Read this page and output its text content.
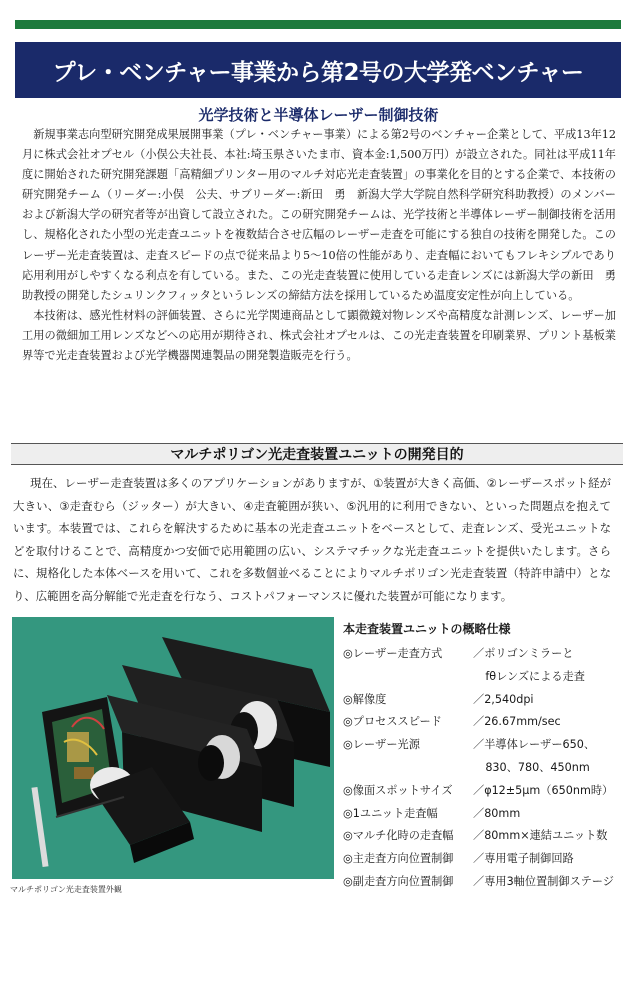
プレ・ベンチャー事業から第2号の大学発ベンチャー
光学技術と半導体レーザー制御技術

新規事業志向型研究開発成果展開事業（プレ・ベンチャー事業）による第2号のベンチャー企業として、平成13年12月に株式会社オプセル（小俣公夫社長、本社:埼玉県さいたま市、資本金:1,500万円）が設立された。同社は平成11年度に開始された研究開発課題「高精細プリンター用のマルチ対応光走査装置」の事業化を目的とする企業で、本技術の研究開発チーム（リーダー:小俣　公夫、サブリーダー:新田　勇　新潟大学大学院自然科学研究科助教授）のメンバーおよび新潟大学の研究者等が出資して設立された。この研究開発チームは、光学技術と半導体レーザー制御技術を活用し、規格化された小型の光走査ユニットを複数結合させ広幅のレーザー走査を可能にする独自の技術を開発した。このレーザー光走査装置は、走査スピードの点で従来品より5〜10倍の性能があり、走査幅においてもフレキシブルであり応用利用がしやすくなる利点を有している。また、この光走査装置に使用している走査レンズには新潟大学の新田　勇助教授の開発したシュリンクフィッタというレンズの締結方法を採用しているため温度安定性が向上している。

本技術は、感光性材料の評価装置、さらに光学関連商品として顕微鏡対物レンズや高精度な計測レンズ、レーザー加工用の微細加工用レンズなどへの応用が期待され、株式会社オプセルは、この光走査装置を印刷業界、プリント基板業界等で光走査装置および光学機器関連製品の開発製造販売を行う。

マルチポリゴン光走査装置ユニットの開発目的

現在、レーザー走査装置は多くのアプリケーションがありますが、①装置が大きく高価、②レーザースポット経が大きい、③走査むら（ジッター）が大きい、④走査範囲が狭い、⑤汎用的に利用できない、といった問題点を抱えています。本装置では、これらを解決するために基本の光走査ユニットをベースとして、走査レンズ、受光ユニットなどを取付けることで、高精度かつ安価で応用範囲の広い、システマチックな光走査ユニットを提供いたします。さらに、規格化した本体ベースを用いて、これを多数個並べることによりマルチポリゴン光走査装置（特許申請中）となり、広範囲を高分解能で光走査を行なう、コストパフォーマンスに優れた装置が可能になります。

マルチポリゴン光走査装置外観
本走査装置ユニットの概略仕様
◎レーザー走査方式	／ポリゴンミラーと
fθレンズによる走査
◎解像度	／2,540dpi
◎プロセススピード	／26.67mm/sec
◎レーザー光源	／半導体レーザー650、
830、780、450nm
◎像面スポットサイズ	／φ12±5μm（650nm時）
◎1ユニット走査幅	／80mm
◎マルチ化時の走査幅	／80mm×連結ユニット数
◎主走査方向位置制御	／専用電子制御回路
◎副走査方向位置制御	／専用3軸位置制御ステージ
